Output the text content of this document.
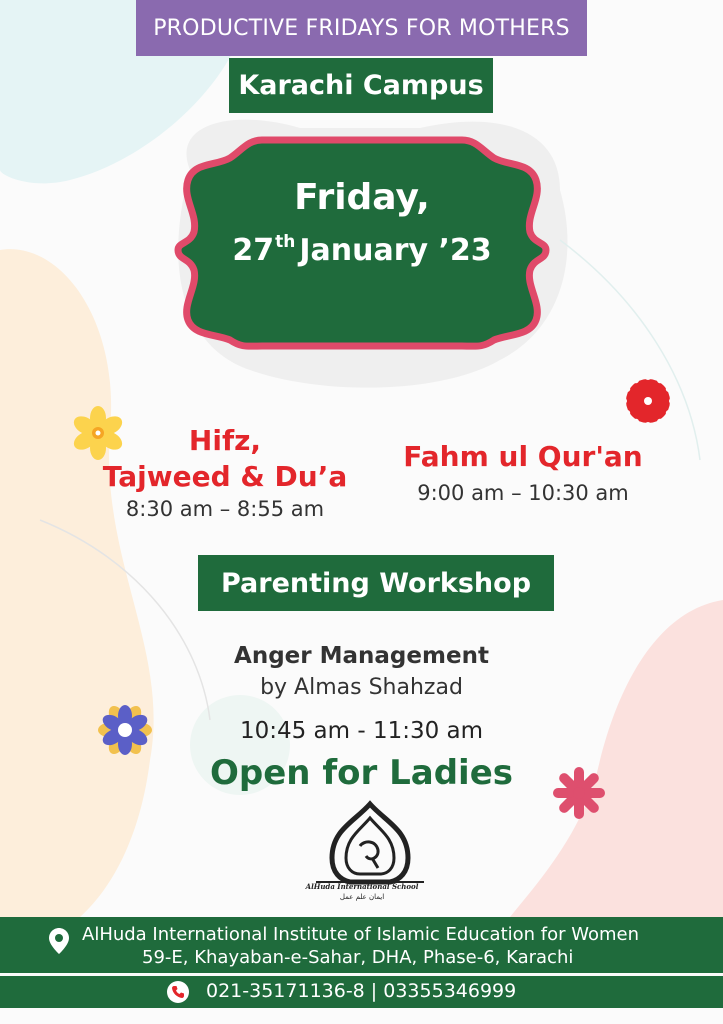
PRODUCTIVE FRIDAYS FOR MOTHERS
Karachi Campus
Friday,
27th January ’23
Hifz,
Tajweed & Du’a
8:30 am – 8:55 am
Fahm ul Qur'an
9:00 am – 10:30 am
Parenting Workshop
Anger Management
by Almas Shahzad
10:45 am - 11:30 am
Open for Ladies
AlHuda International School
ایمان علم عمل
AlHuda International Institute of Islamic Education for Women
59-E, Khayaban-e-Sahar, DHA, Phase-6, Karachi
021-35171136-8 | 03355346999
